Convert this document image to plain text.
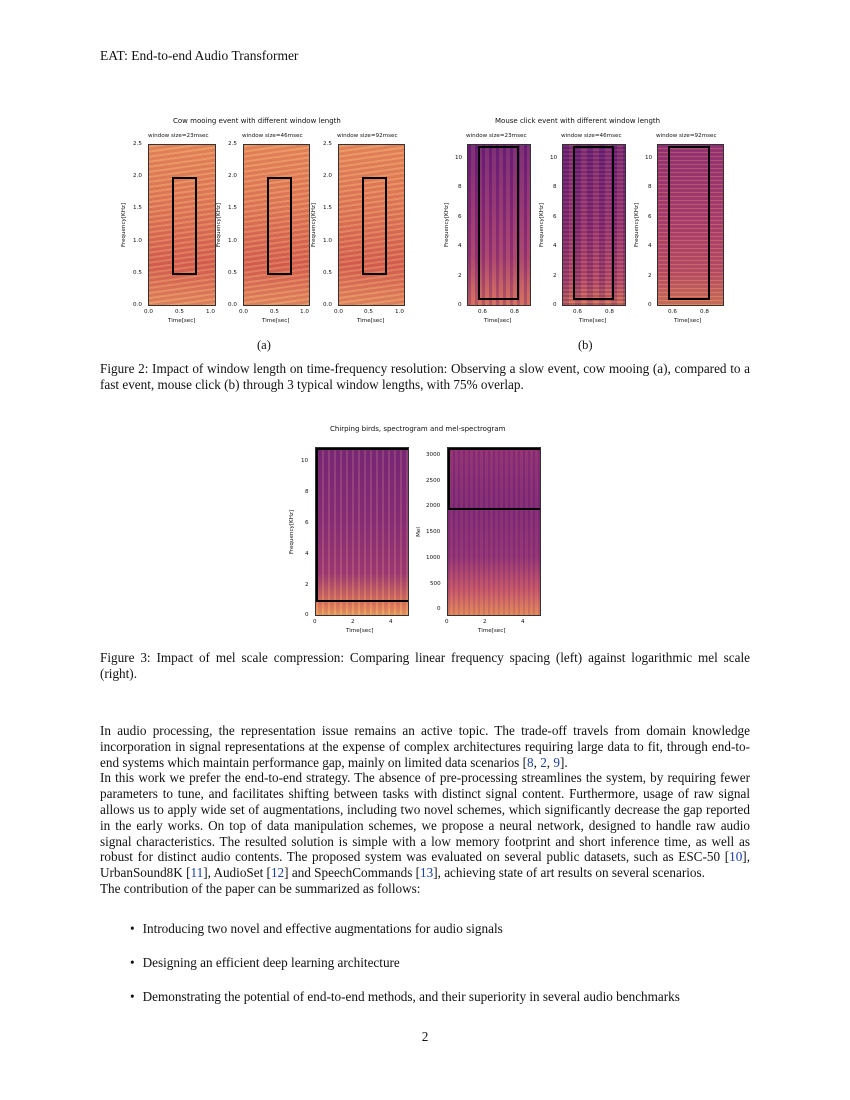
EAT: End-to-end Audio Transformer
Cow mooing event with different window length
window size=23msec
2.5
2.0
1.5
1.0
0.5
0.0
Frequency[KHz]
0.0	0.5	1.0
Time[sec]
window size=46msec
2.5
2.0
1.5
1.0
0.5
0.0
Frequency[KHz]
0.0	0.5	1.0
Time[sec]
window size=92msec
2.5
2.0
1.5
1.0
0.5
0.0
Frequency[KHz]
0.0	0.5	1.0
Time[sec]
(a)
Mouse click event with different window length
window size=23msec
10
8
6
4
2
0
Frequency[KHz]
0.6	0.8
Time[sec]
window size=46msec
10
8
6
4
2
0
Frequency[KHz]
0.6	0.8
Time[sec]
window size=92msec
10
8
6
4
2
0
Frequency[KHz]
0.6	0.8
Time[sec]
(b)
Figure 2: Impact of window length on time-frequency resolution: Observing a slow event, cow mooing (a), compared to a fast event, mouse click (b) through 3 typical window lengths, with 75% overlap.
Chirping birds, spectrogram and mel-spectrogram
10
8
6
4
2
0
Frequency[KHz]
0	2	4
Time[sec]
3000
2500
2000
1500
1000
500
0
Mel
0	2	4
Time[sec]
Figure 3: Impact of mel scale compression: Comparing linear frequency spacing (left) against logarithmic mel scale (right).

In audio processing, the representation issue remains an active topic. The trade-off travels from domain knowledge incorporation in signal representations at the expense of complex architectures requiring large data to fit, through end-to-end systems which maintain performance gap, mainly on limited data scenarios [8, 2, 9].

In this work we prefer the end-to-end strategy. The absence of pre-processing streamlines the system, by requiring fewer parameters to tune, and facilitates shifting between tasks with distinct signal content. Furthermore, usage of raw signal allows us to apply wide set of augmentations, including two novel schemes, which significantly decrease the gap reported in the early works. On top of data manipulation schemes, we propose a neural network, designed to handle raw audio signal characteristics. The resulted solution is simple with a low memory footprint and short inference time, as well as robust for distinct audio contents. The proposed system was evaluated on several public datasets, such as ESC-50 [10], UrbanSound8K [11], AudioSet [12] and SpeechCommands [13], achieving state of art results on several scenarios.

The contribution of the paper can be summarized as follows:

• Introducing two novel and effective augmentations for audio signals
• Designing an efficient deep learning architecture
• Demonstrating the potential of end-to-end methods, and their superiority in several audio benchmarks
2
